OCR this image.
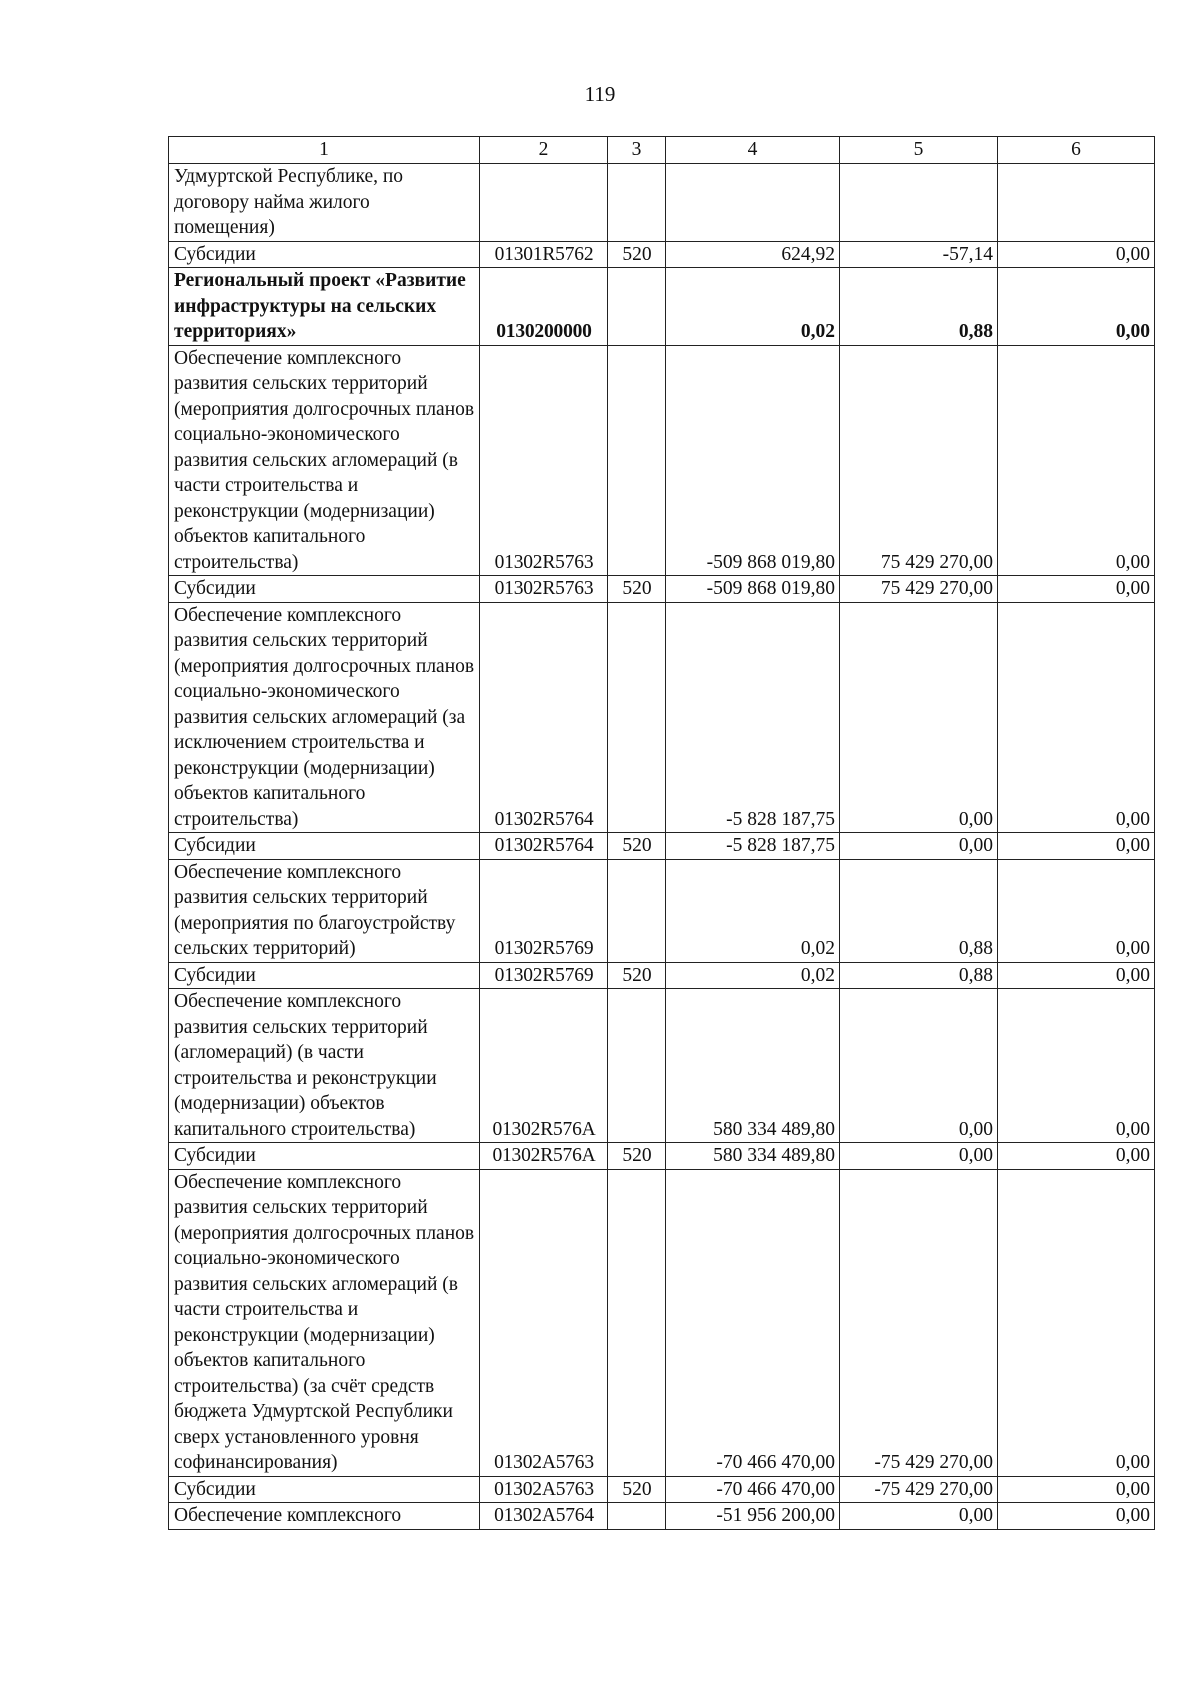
119
1	2	3	4	5	6
Удмуртской Республике, по договору найма жилого помещения)					
Субсидии	01301R5762	520	624,92	-57,14	0,00
Региональный проект «Развитие инфраструктуры на сельских территориях»	0130200000		0,02	0,88	0,00
Обеспечение комплексного развития сельских территорий (мероприятия долгосрочных планов социально-экономического развития сельских агломераций (в части строительства и реконструкции (модернизации) объектов капитального строительства)	01302R5763		-509 868 019,80	75 429 270,00	0,00
Субсидии	01302R5763	520	-509 868 019,80	75 429 270,00	0,00
Обеспечение комплексного развития сельских территорий (мероприятия долгосрочных планов социально-экономического развития сельских агломераций (за исключением строительства и реконструкции (модернизации) объектов капитального строительства)	01302R5764		-5 828 187,75	0,00	0,00
Субсидии	01302R5764	520	-5 828 187,75	0,00	0,00
Обеспечение комплексного развития сельских территорий (мероприятия по благоустройству сельских территорий)	01302R5769		0,02	0,88	0,00
Субсидии	01302R5769	520	0,02	0,88	0,00
Обеспечение комплексного развития сельских территорий (агломераций) (в части строительства и реконструкции (модернизации) объектов капитального строительства)	01302R576A		580 334 489,80	0,00	0,00
Субсидии	01302R576A	520	580 334 489,80	0,00	0,00
Обеспечение комплексного развития сельских территорий (мероприятия долгосрочных планов социально-экономического развития сельских агломераций (в части строительства и реконструкции (модернизации) объектов капитального строительства) (за счёт средств бюджета Удмуртской Республики сверх установленного уровня софинансирования)	01302А5763		-70 466 470,00	-75 429 270,00	0,00
Субсидии	01302А5763	520	-70 466 470,00	-75 429 270,00	0,00
Обеспечение комплексного	01302А5764		-51 956 200,00	0,00	0,00
